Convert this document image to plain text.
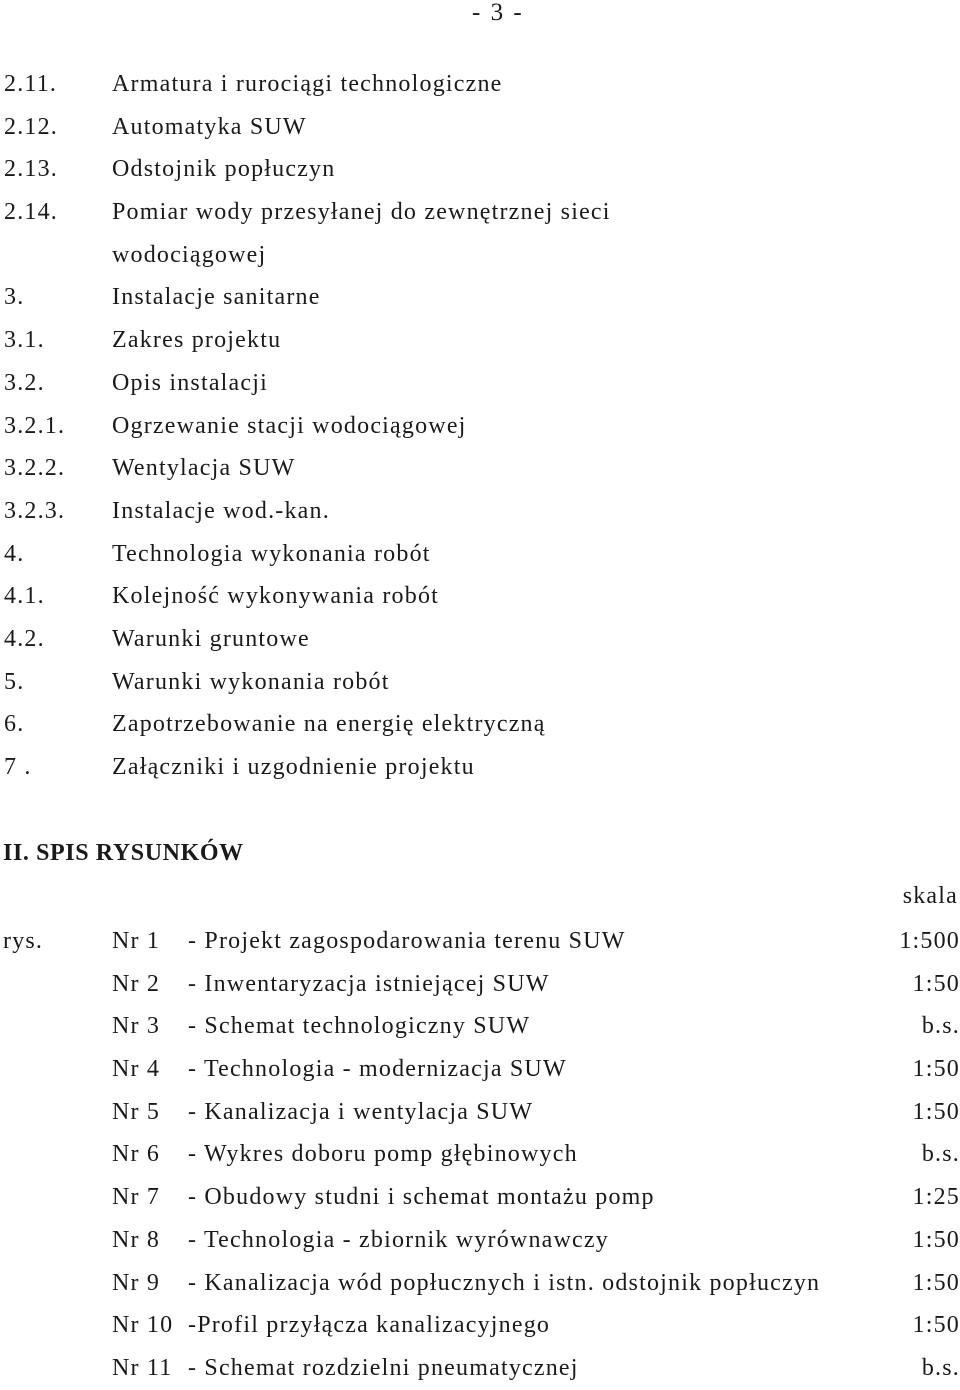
- 3 -
2.11. Armatura i rurociągi technologiczne
2.12. Automatyka SUW
2.13. Odstojnik popłuczyn
2.14. Pomiar wody przesyłanej do zewnętrznej sieci
wodociągowej
3.	Instalacje sanitarne
3.1.	Zakres projektu
3.2.	Opis instalacji
3.2.1. Ogrzewanie stacji wodociągowej
3.2.2. Wentylacja SUW
3.2.3. Instalacje wod.-kan.
4.	Technologia wykonania robót
4.1.	Kolejność wykonywania robót
4.2.	Warunki gruntowe
5.	Warunki wykonania robót
6.	Zapotrzebowanie na energię elektryczną
7 .	Załączniki i uzgodnienie projektu
II. SPIS RYSUNKÓW
skala
rys.	Nr 1 - Projekt zagospodarowania terenu SUW	1:500
Nr 2 - Inwentaryzacja istniejącej SUW	1:50
Nr 3 - Schemat technologiczny SUW	b.s.
Nr 4 - Technologia - modernizacja SUW	1:50
Nr 5 - Kanalizacja i wentylacja SUW	1:50
Nr 6 - Wykres doboru pomp głębinowych	b.s.
Nr 7 - Obudowy studni i schemat montażu pomp	1:25
Nr 8 - Technologia - zbiornik wyrównawczy	1:50
Nr 9 - Kanalizacja wód popłucznych i istn. odstojnik popłuczyn	1:50
Nr 10 -Profil przyłącza kanalizacyjnego	1:50
Nr 11 - Schemat rozdzielni pneumatycznej	b.s.
